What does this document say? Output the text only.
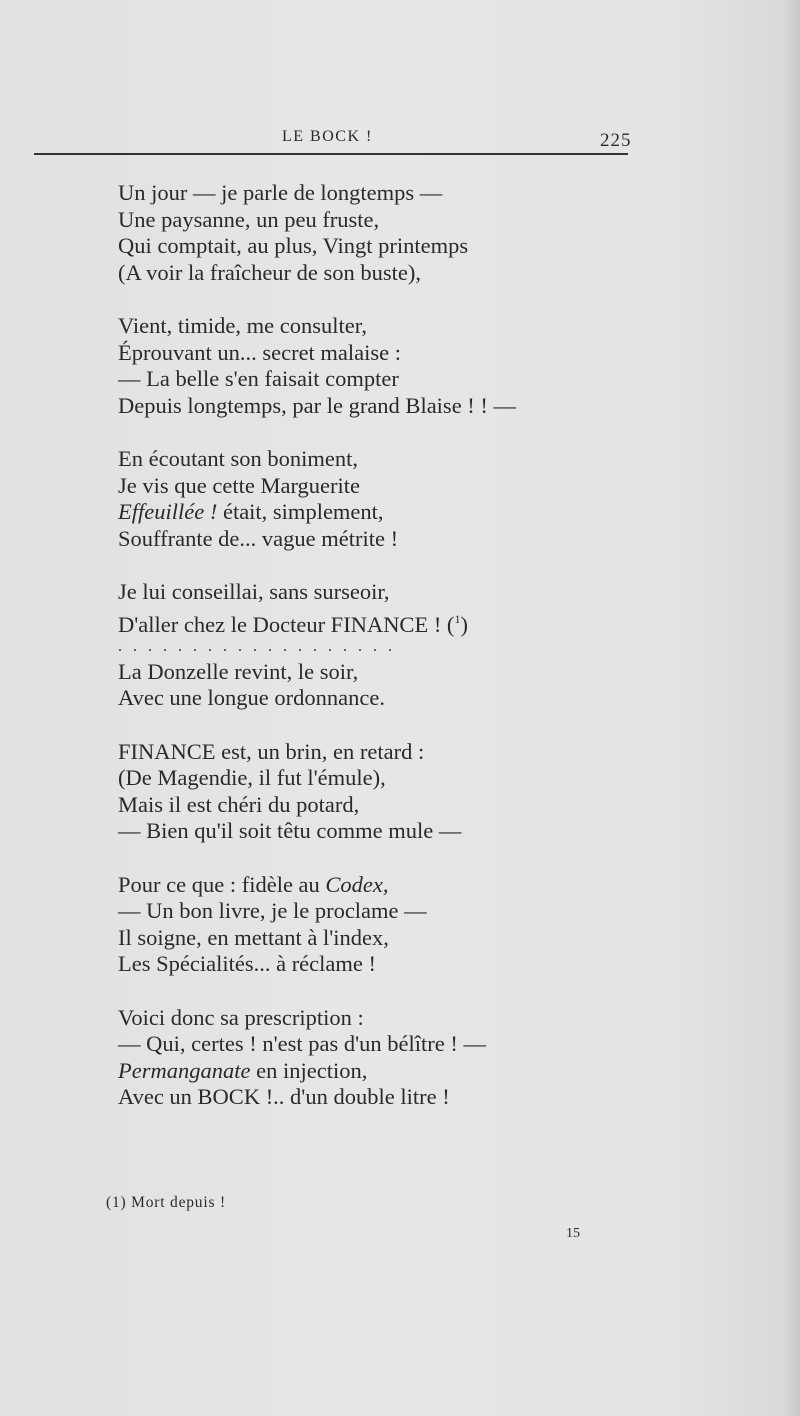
LE BOCK !	225
Un jour — je parle de longtemps —
Une paysanne, un peu fruste,
Qui comptait, au plus, Vingt printemps
(A voir la fraîcheur de son buste),
Vient, timide, me consulter,
Éprouvant un... secret malaise :
— La belle s'en faisait compter
Depuis longtemps, par le grand Blaise ! ! —
En écoutant son boniment,
Je vis que cette Marguerite
Effeuillée ! était, simplement,
Souffrante de... vague métrite !
Je lui conseillai, sans surseoir,
D'aller chez le Docteur FINANCE ! ($^1$)
...................
La Donzelle revint, le soir,
Avec une longue ordonnance.
FINANCE est, un brin, en retard :
(De Magendie, il fut l'émule),
Mais il est chéri du potard,
— Bien qu'il soit têtu comme mule —
Pour ce que : fidèle au Codex,
— Un bon livre, je le proclame —
Il soigne, en mettant à l'index,
Les Spécialités... à réclame !
Voici donc sa prescription :
— Qui, certes ! n'est pas d'un bélître ! —
Permanganate en injection,
Avec un BOCK !.. d'un double litre !
(1) Mort depuis !
15
